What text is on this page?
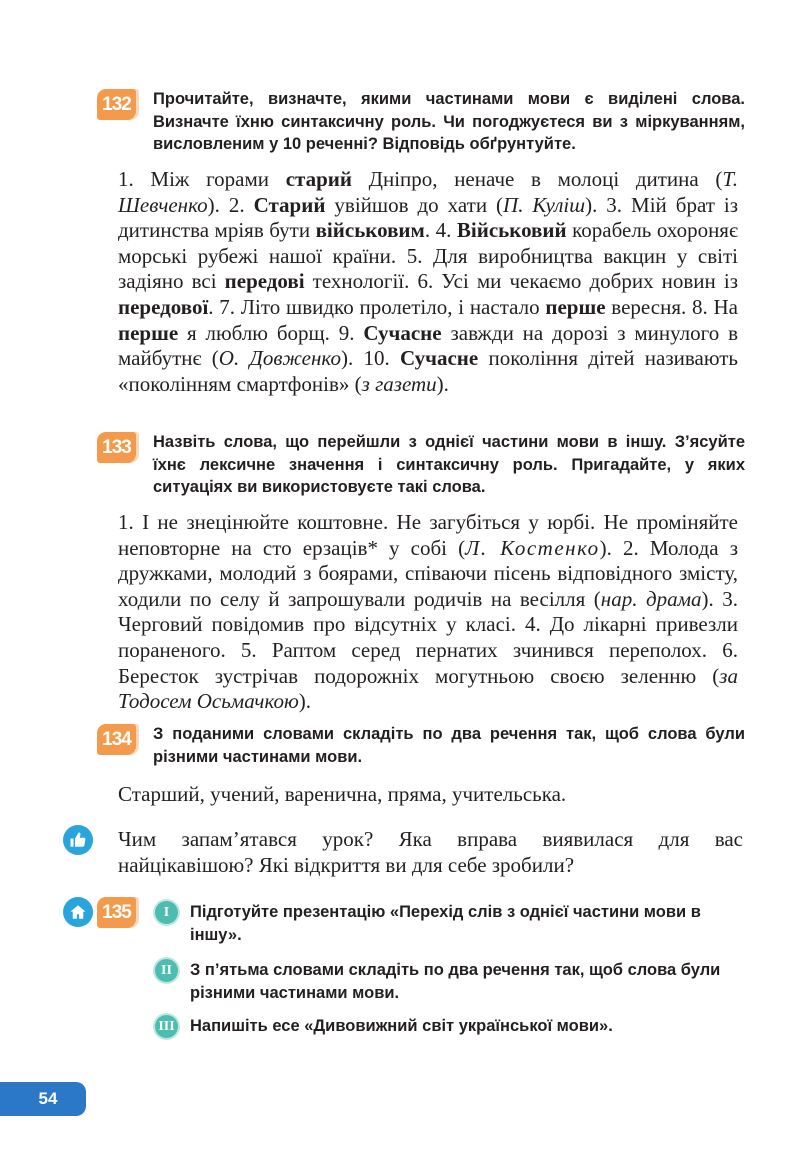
132	Прочитайте, визначте, якими частинами мови є виділені слова. Визначте їхню синтаксичну роль. Чи погоджуєтеся ви з міркуванням, висловленим у 10 реченні? Відповідь обґрунтуйте.

1. Між горами старий Дніпро, неначе в молоці дитина (Т. Шевченко). 2. Старий увійшов до хати (П. Куліш). 3. Мій брат із дитинства мріяв бути військовим. 4. Військовий корабель охороняє морські рубежі нашої країни. 5. Для виробництва вакцин у світі задіяно всі передові технології. 6. Усі ми чекаємо добрих новин із передової. 7. Літо швидко пролетіло, і настало перше вересня. 8. На перше я люблю борщ. 9. Сучасне завжди на дорозі з минулого в майбутнє (О. Довженко). 10. Сучасне покоління дітей називають «поколінням смартфонів» (з газети).

133	Назвіть слова, що перейшли з однієї частини мови в іншу. З’ясуйте їхнє лексичне значення і синтаксичну роль. Пригадайте, у яких ситуаціях ви використовуєте такі слова.

1. І не знецінюйте коштовне. Не загубіться у юрбі. Не проміняйте неповторне на сто ерзаців* у собі (Л. Костенко). 2. Молода з дружками, молодий з боярами, співаючи пісень відповідного змісту, ходили по селу й запрошували родичів на весілля (нар. драма). 3. Черговий повідомив про відсутніх у класі. 4. До лікарні привезли пораненого. 5. Раптом серед пернатих зчинився переполох. 6. Бересток зустрічав подорожніх могутньою своєю зеленню (за Тодосем Осьмачкою).

134	З поданими словами складіть по два речення так, щоб слова були різними частинами мови.

Старший, учений, варенична, пряма, учительська.

Чим запам’ятався урок? Яка вправа виявилася для вас найцікавішою? Які відкриття ви для себе зробили?
135	I	Підготуйте презентацію «Перехід слів з однієї частини мови в іншу».
II	З п’ятьма словами складіть по два речення так, щоб слова були різними частинами мови.
III Напишіть есе «Дивовижний світ української мови».
54
